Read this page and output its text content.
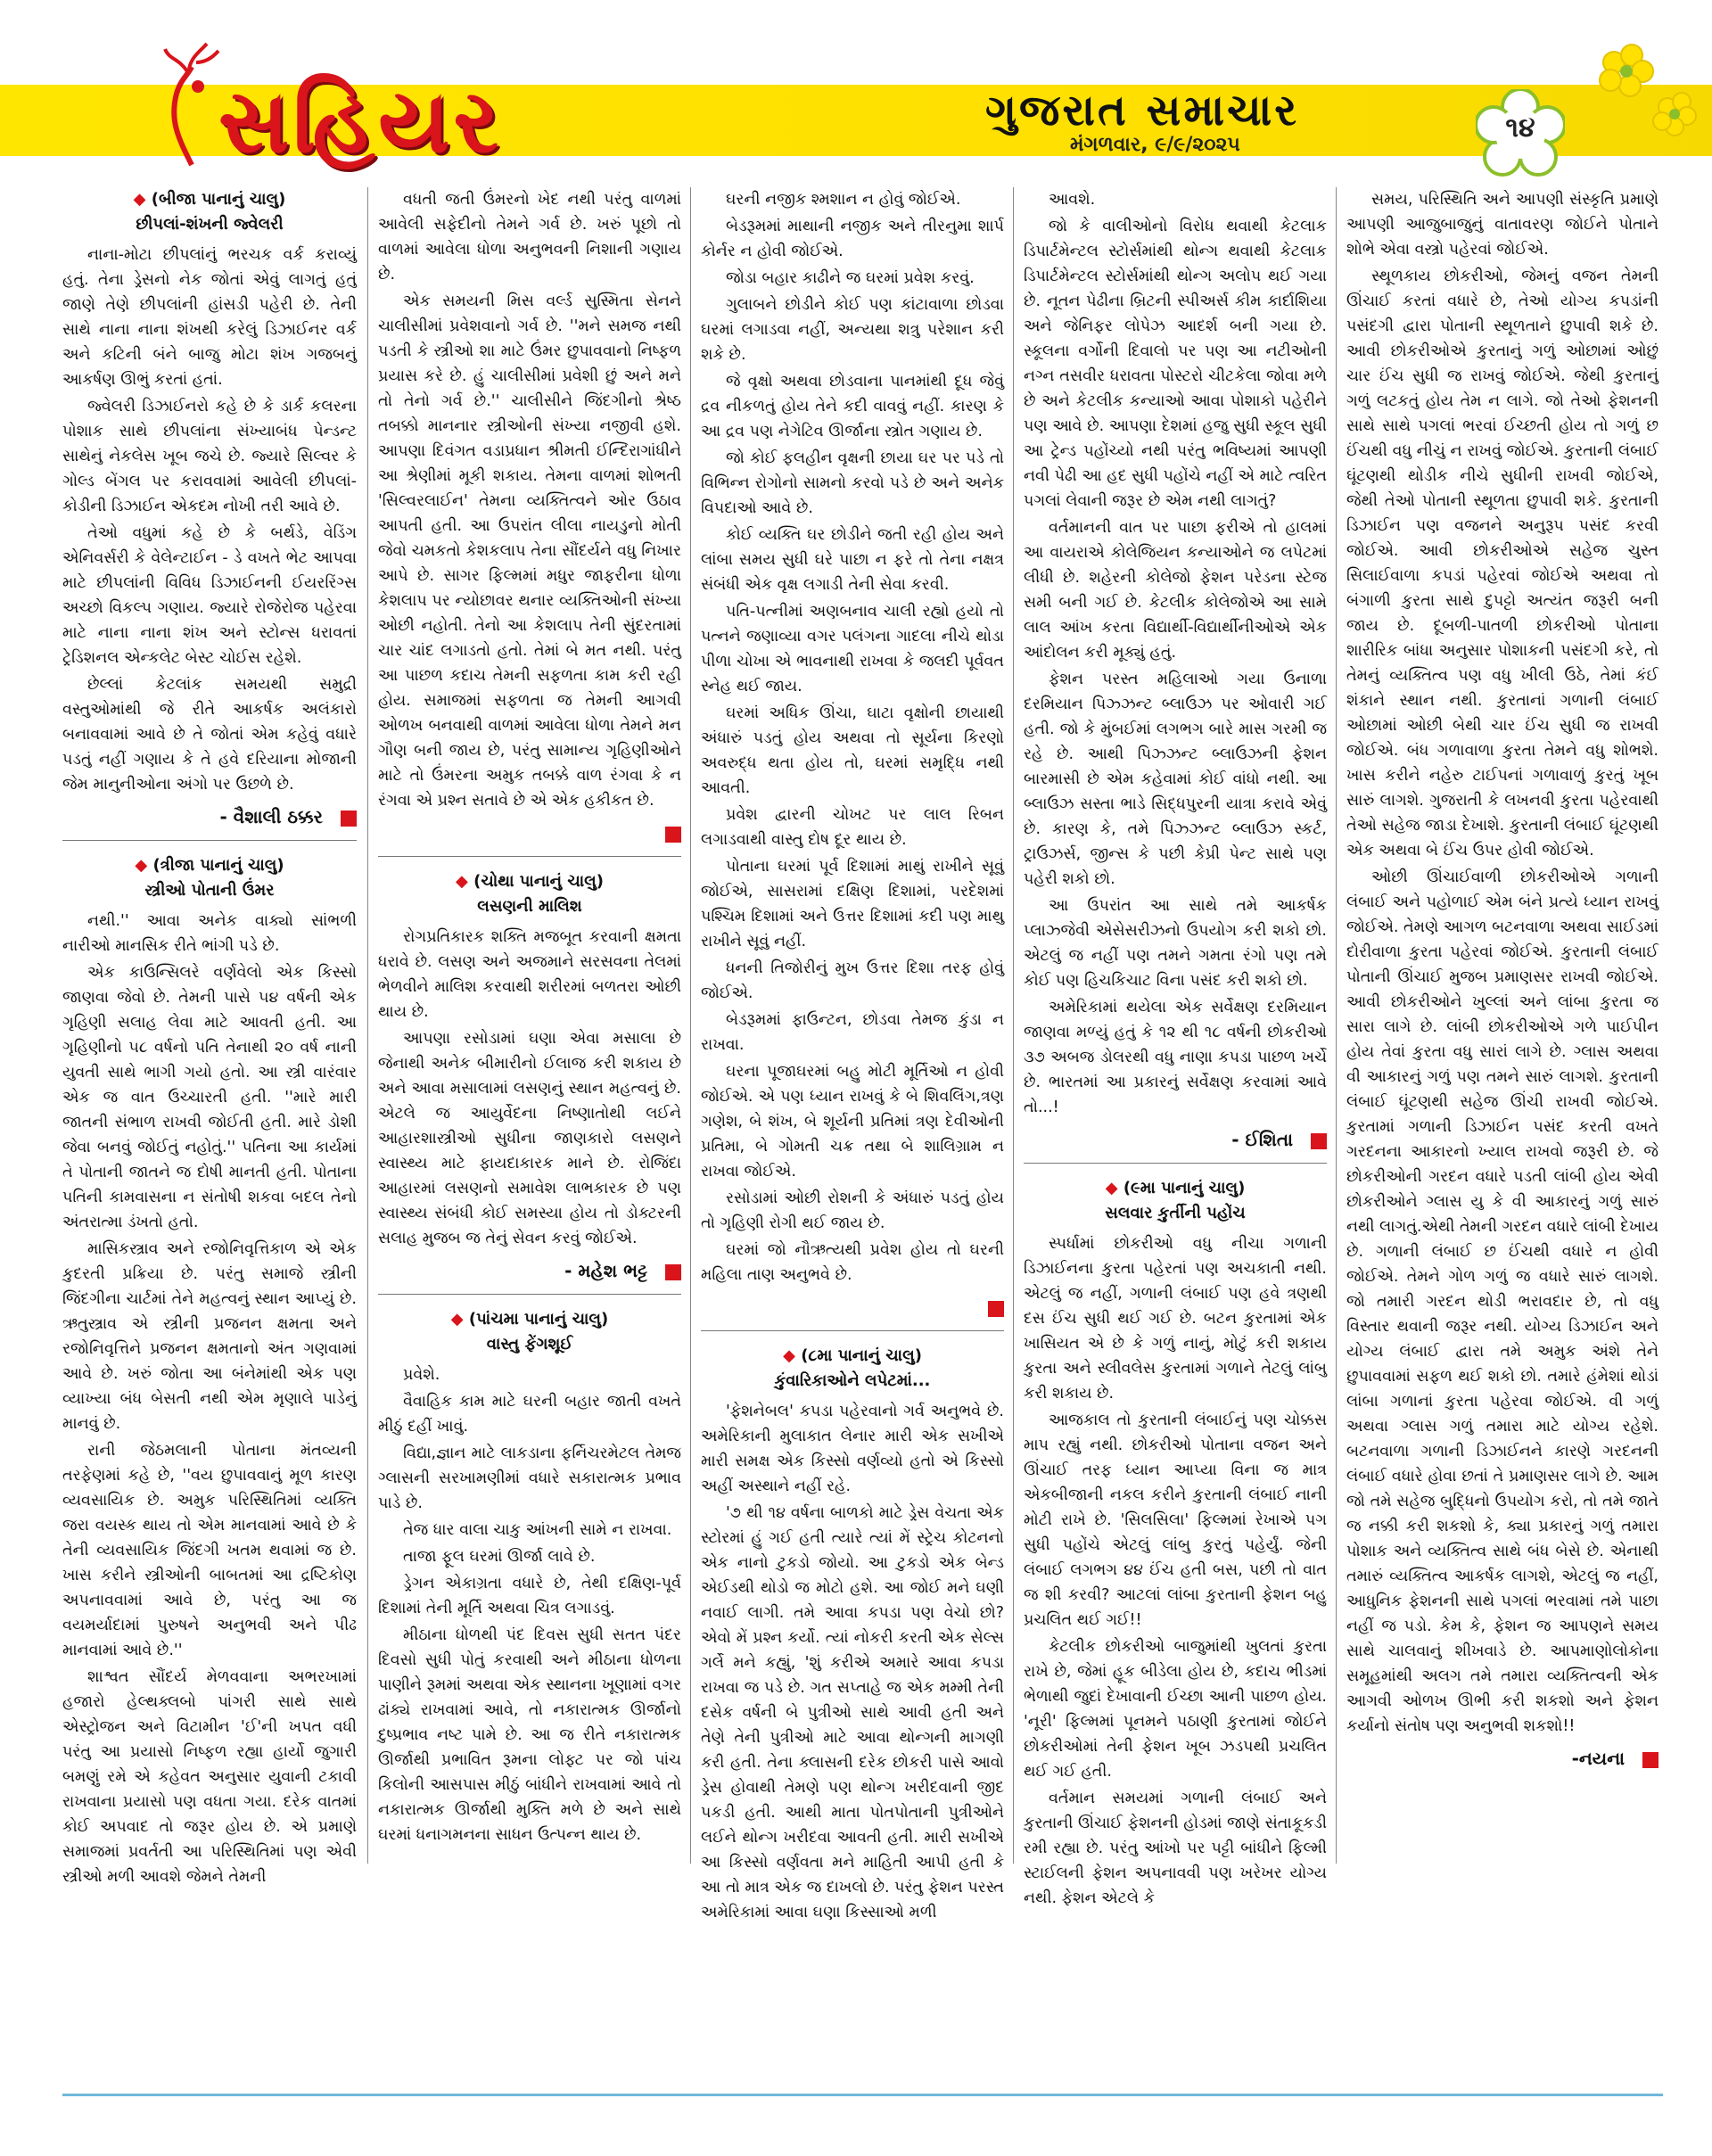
સહિયર	ગુજરાત સમાચાર
મંગળવાર, ૯/૯/૨૦૨૫
૧૪
◆ (બીજા પાનાનું ચાલુ)
છીપલાં-શંખની જ્વેલરી

નાના-મોટા છીપલાંનું ભરચક વર્ક કરાવ્યું હતું. તેના ડ્રેસનો નેક જોતાં એવું લાગતું હતું જાણે તેણે છીપલાંની હાંસડી પહેરી છે. તેની સાથે નાના નાના શંખથી કરેલું ડિઝાઈનર વર્ક અને કટિની બંને બાજુ મોટા શંખ ગજબનું આકર્ષણ ઊભું કરતાં હતાં.

જ્વેલરી ડિઝાઈનરો કહે છે કે ડાર્ક કલરના પોશાક સાથે છીપલાંના સંખ્યાબંધ પેન્ડન્ટ સાથેનું નેકલેસ ખૂબ જચે છે. જ્યારે સિલ્વર કે ગોલ્ડ બેંગલ પર કરાવવામાં આવેલી છીપલાં-કોડીની ડિઝાઈન એકદમ નોખી તરી આવે છે.

તેઓ વધુમાં કહે છે કે બર્થડે, વેડિંગ એનિવર્સરી કે વેલેન્ટાઈન - ડે વખતે ભેટ આપવા માટે છીપલાંની વિવિધ ડિઝાઈનની ઈયરરિંગ્સ અચ્છો વિકલ્પ ગણાય. જ્યારે રોજેરોજ પહેરવા માટે નાના નાના શંખ અને સ્ટોન્સ ધરાવતાં ટ્રેડિશનલ એન્કલેટ બેસ્ટ ચોઈસ રહેશે.

છેલ્લાં કેટલાંક સમયથી સમુદ્રી વસ્તુઓમાંથી જે રીતે આકર્ષક અલંકારો બનાવવામાં આવે છે તે જોતાં એમ કહેવું વધારે પડતું નહીં ગણાય કે તે હવે દરિયાના મોજાની જેમ માનુનીઓના અંગો પર ઉછળે છે.

- વૈશાલી ઠક્કર
◆ (ત્રીજા પાનાનું ચાલુ)
સ્ત્રીઓ પોતાની ઉંમર

નથી.'' આવા અનેક વાક્યો સાંભળી નારીઓ માનસિક રીતે ભાંગી પડે છે.

એક કાઉન્સિલરે વર્ણવેલો એક કિસ્સો જાણવા જેવો છે. તેમની પાસે ૫૪ વર્ષની એક ગૃહિણી સલાહ લેવા માટે આવતી હતી. આ ગૃહિણીનો ૫૮ વર્ષનો પતિ તેનાથી ૨૦ વર્ષ નાની યુવતી સાથે ભાગી ગયો હતો. આ સ્ત્રી વારંવાર એક જ વાત ઉચ્ચારતી હતી. ''મારે મારી જાતની સંભાળ રાખવી જોઈતી હતી. મારે ડોશી જેવા બનવું જોઈતું નહોતું.'' પતિના આ કાર્યમાં તે પોતાની જાતને જ દોષી માનતી હતી. પોતાના પતિની કામવાસના ન સંતોષી શકવા બદલ તેનો અંતરાત્મા ડંખતો હતો.

માસિકસ્ત્રાવ અને રજોનિવૃત્તિકાળ એ એક કુદરતી પ્રક્રિયા છે. પરંતુ સમાજે સ્ત્રીની જિંદગીના ચાર્ટમાં તેને મહત્વનું સ્થાન આપ્યું છે. ઋતુસ્ત્રાવ એ સ્ત્રીની પ્રજનન ક્ષમતા અને રજોનિવૃત્તિને પ્રજનન ક્ષમતાનો અંત ગણવામાં આવે છે. ખરું જોતા આ બંનેમાંથી એક પણ વ્યાખ્યા બંધ બેસતી નથી એમ મૃણાલે પાડેનું માનવું છે.

રાની જેઠમલાની પોતાના મંતવ્યની તરફેણમાં કહે છે, ''વય છુપાવવાનું મૂળ કારણ વ્યવસાયિક છે. અમુક પરિસ્થિતિમાં વ્યક્તિ જરા વયસ્ક થાય તો એમ માનવામાં આવે છે કે તેની વ્યવસાયિક જિંદગી ખતમ થવામાં જ છે. ખાસ કરીને સ્ત્રીઓની બાબતમાં આ દ્રષ્ટિકોણ અપનાવવામાં આવે છે, પરંતુ આ જ વયમર્યાદામાં પુરુષને અનુભવી અને પીઢ માનવામાં આવે છે.''

શાશ્વત સૌંદર્ય મેળવવાના અભરખામાં હજારો હેલ્થક્લબો પાંગરી સાથે સાથે એસ્ટ્રોજન અને વિટામીન 'ઈ'ની ખપત વધી પરંતુ આ પ્રયાસો નિષ્ફળ રહ્યા હાર્યો જુગારી બમણું રમે એ કહેવત અનુસાર યુવાની ટકાવી રાખવાના પ્રયાસો પણ વધતા ગયા. દરેક વાતમાં કોઈ અપવાદ તો જરૂર હોય છે. એ પ્રમાણે સમાજમાં પ્રવર્તતી આ પરિસ્થિતિમાં પણ એવી સ્ત્રીઓ મળી આવશે જેમને તેમની

વધતી જતી ઉંમરનો ખેદ નથી પરંતુ વાળમાં આવેલી સફેદીનો તેમને ગર્વ છે. ખરું પૂછો તો વાળમાં આવેલા ધોળા અનુભવની નિશાની ગણાય છે.

એક સમયની મિસ વર્લ્ડ સુસ્મિતા સેનને ચાલીસીમાં પ્રવેશવાનો ગર્વ છે. ''મને સમજ નથી પડતી કે સ્ત્રીઓ શા માટે ઉંમર છુપાવવાનો નિષ્ફળ પ્રયાસ કરે છે. હું ચાલીસીમાં પ્રવેશી છું અને મને તો તેનો ગર્વ છે.'' ચાલીસીને જિંદગીનો શ્રેષ્ઠ તબક્કો માનનાર સ્ત્રીઓની સંખ્યા નજીવી હશે. આપણા દિવંગત વડાપ્રધાન શ્રીમતી ઈન્દિરાગાંધીને આ શ્રેણીમાં મૂકી શકાય. તેમના વાળમાં શોભતી 'સિલ્વરલાઈન' તેમના વ્યક્તિત્વને ઓર ઉઠાવ આપતી હતી. આ ઉપરાંત લીલા નાયડુનો મોતી જેવો ચમકતો કેશકલાપ તેના સૌંદર્યને વધુ નિખાર આપે છે. સાગર ફિલ્મમાં મધુર જાફરીના ધોળા કેશલાપ પર ન્યોછાવર થનાર વ્યક્તિઓની સંખ્યા ઓછી નહોતી. તેનો આ કેશલાપ તેની સુંદરતામાં ચાર ચાંદ લગાડતો હતો. તેમાં બે મત નથી. પરંતુ આ પાછળ કદાચ તેમની સફળતા કામ કરી રહી હોય. સમાજમાં સફળતા જ તેમની આગવી ઓળખ બનવાથી વાળમાં આવેલા ધોળા તેમને મન ગૌણ બની જાય છે, પરંતુ સામાન્ય ગૃહિણીઓને માટે તો ઉંમરના અમુક તબક્કે વાળ રંગવા કે ન રંગવા એ પ્રશ્ન સતાવે છે એ એક હકીકત છે.

◆ (ચોથા પાનાનું ચાલુ)
લસણની માલિશ

રોગપ્રતિકારક શક્તિ મજબૂત કરવાની ક્ષમતા ધરાવે છે. લસણ અને અજમાને સરસવના તેલમાં ભેળવીને માલિશ કરવાથી શરીરમાં બળતરા ઓછી થાય છે.

આપણા રસોડામાં ઘણા એવા મસાલા છે જેનાથી અનેક બીમારીનો ઈલાજ કરી શકાય છે અને આવા મસાલામાં લસણનું સ્થાન મહત્વનું છે. એટલે જ આયુર્વેદના નિષ્ણાતોથી લઈને આહારશાસ્ત્રીઓ સુધીના જાણકારો લસણને સ્વાસ્થ્ય માટે ફાયદાકારક માને છે. રોજિંદા આહારમાં લસણનો સમાવેશ લાભકારક છે પણ સ્વાસ્થ્ય સંબંધી કોઈ સમસ્યા હોય તો ડોક્ટરની સલાહ મુજબ જ તેનું સેવન કરવું જોઈએ.

- મહેશ ભટ્ટ
◆ (પાંચમા પાનાનું ચાલુ)
વાસ્તુ ફેંગશૂઈ

પ્રવેશે.

વૈવાહિક કામ માટે ઘરની બહાર જાતી વખતે મીઠું દહીં ખાવું.

વિદ્યા,જ્ઞાન માટે લાકડાના ફર્નિચરમેટલ તેમજ ગ્લાસની સરખામણીમાં વધારે સકારાત્મક પ્રભાવ પાડે છે.

તેજ ધાર વાલા ચાકુ આંખની સામે ન રાખવા.

તાજા ફૂલ ઘરમાં ઊર્જા લાવે છે.

ડ્રેગન એકાગ્રતા વધારે છે, તેથી દક્ષિણ-પૂર્વ દિશામાં તેની મૂર્તિ અથવા ચિત્ર લગાડવું.

મીઠાના ધોળથી પંદ દિવસ સુધી સતત પંદર દિવસો સુધી પોતું કરવાથી અને મીઠાના ધોળના પાણીને રૂમમાં અથવા એક સ્થાનના ખૂણામાં વગર ઢાંક્યે રાખવામાં આવે, તો નકારાત્મક ઊર્જાનો દુષ્પ્રભાવ નષ્ટ પામે છે. આ જ રીતે નકારાત્મક ઊર્જાથી પ્રભાવિત રૂમના લોફ્ટ પર જો પાંચ કિલોની આસપાસ મીઠું બાંધીને રાખવામાં આવે તો નકારાત્મક ઊર્જાથી મુક્તિ મળે છે અને સાથે ઘરમાં ધનાગમનના સાધન ઉત્પન્ન થાય છે.

ઘરની નજીક શ્મશાન ન હોવું જોઈએ.

બેડરૂમમાં માથાની નજીક અને તીરનુમા શાર્પ કોર્નર ન હોવી જોઈએ.

જોડા બહાર કાઢીને જ ઘરમાં પ્રવેશ કરવું.

ગુલાબને છોડીને કોઈ પણ કાંટાવાળા છોડવા ઘરમાં લગાડવા નહીં, અન્યથા શત્રુ પરેશાન કરી શકે છે.

જે વૃક્ષો અથવા છોડવાના પાનમાંથી દૂધ જેવું દ્રવ નીકળતું હોય તેને કદી વાવવું નહીં. કારણ કે આ દ્રવ પણ નેગેટિવ ઊર્જાના સ્ત્રોત ગણાય છે.

જો કોઈ ફલહીન વૃક્ષની છાયા ઘર પર પડે તો વિભિન્ન રોગોનો સામનો કરવો પડે છે અને અનેક વિપદાઓ આવે છે.

કોઈ વ્યક્તિ ઘર છોડીને જતી રહી હોય અને લાંબા સમય સુધી ઘરે પાછા ન ફરે તો તેના નક્ષત્ર સંબંધી એક વૃક્ષ લગાડી તેની સેવા કરવી.

પતિ-પત્નીમાં અણબનાવ ચાલી રહ્યો હયો તો પત્નને જણાવ્યા વગર પલંગના ગાદલા નીચે થોડા પીળા ચોખા એ ભાવનાથી રાખવા કે જલદી પૂર્વવત સ્નેહ થઈ જાય.

ઘરમાં અધિક ઊંચા, ઘાટા વૃક્ષોની છાયાથી અંધારું પડતું હોય અથવા તો સૂર્યના કિરણો અવરુદ્ધ થતા હોય તો, ઘરમાં સમૃદ્ધિ નથી આવતી.

પ્રવેશ દ્વારની ચોખટ પર લાલ રિબન લગાડવાથી વાસ્તુ દોષ દૂર થાય છે.

પોતાના ઘરમાં પૂર્વ દિશામાં માથું રાખીને સૂવું જોઈએ, સાસરામાં દક્ષિણ દિશામાં, પરદેશમાં પશ્ચિમ દિશામાં અને ઉત્તર દિશામાં કદી પણ માથુ રાખીને સૂવું નહીં.

ધનની તિજોરીનું મુખ ઉત્તર દિશા તરફ હોવું જોઈએ.

બેડરૂમમાં ફાઉન્ટન, છોડવા તેમજ કુંડા ન રાખવા.

ઘરના પૂજાઘરમાં બહુ મોટી મૂર્તિઓ ન હોવી જોઈએ. એ પણ ધ્યાન રાખવું કે બે શિવલિંગ,ત્રણ ગણેશ, બે શંખ, બે શૂર્યની પ્રતિમાં ત્રણ દેવીઓની પ્રતિમા, બે ગોમતી ચક્ર તથા બે શાલિગ્રામ ન રાખવા જોઈએ.

રસોડામાં ઓછી રોશની કે અંધારું પડતું હોય તો ગૃહિણી રોગી થઈ જાય છે.

ઘરમાં જો નૌઋત્યથી પ્રવેશ હોય તો ઘરની મહિલા તાણ અનુભવે છે.

◆ (૮મા પાનાનું ચાલુ)
કુંવારિકાઓને લપેટમાં...

'ફેશનેબલ' કપડા પહેરવાનો ગર્વ અનુભવે છે. અમેરિકાની મુલાકાત લેનાર મારી એક સખીએ મારી સમક્ષ એક કિસ્સો વર્ણવ્યો હતો એ કિસ્સો અહીં અસ્થાને નહીં રહે.

'૭ થી ૧૪ વર્ષના બાળકો માટે ડ્રેસ વેચતા એક સ્ટોરમાં હું ગઈ હતી ત્યારે ત્યાં મેં સ્ટ્રેચ કોટનનો એક નાનો ટુકડો જોયો. આ ટુકડો એક બેન્ડ એઈડથી થોડો જ મોટો હશે. આ જોઈ મને ઘણી નવાઈ લાગી. તમે આવા કપડા પણ વેચો છો? એવો મેં પ્રશ્ન કર્યો. ત્યાં નોકરી કરતી એક સેલ્સ ગર્લે મને કહ્યું, 'શું કરીએ અમારે આવા કપડા રાખવા જ પડે છે. ગત સપ્તાહે જ એક મમ્મી તેની દસેક વર્ષની બે પુત્રીઓ સાથે આવી હતી અને તેણે તેની પુત્રીઓ માટે આવા થોન્ગની માગણી કરી હતી. તેના ક્લાસની દરેક છોકરી પાસે આવો ડ્રેસ હોવાથી તેમણે પણ થોન્ગ ખરીદવાની જીદ પકડી હતી. આથી માતા પોતપોતાની પુત્રીઓને લઈને થોન્ગ ખરીદવા આવતી હતી. મારી સખીએ આ કિસ્સો વર્ણવતા મને માહિતી આપી હતી કે આ તો માત્ર એક જ દાખલો છે. પરંતુ ફેશન પરસ્ત અમેરિકામાં આવા ઘણા કિસ્સાઓ મળી

આવશે.

જો કે વાલીઓનો વિરોધ થવાથી કેટલાક ડિપાર્ટમેન્ટલ સ્ટોર્સમાંથી થોન્ગ થવાથી કેટલાક ડિપાર્ટમેન્ટલ સ્ટોર્સમાંથી થોન્ગ અલોપ થઈ ગયા છે. નૂતન પેઢીના બ્રિટની સ્પીઅર્સ કીમ કાર્દાશિયા અને જેનિફર લોપેઝ આદર્શ બની ગયા છે. સ્કૂલના વર્ગોની દિવાલો પર પણ આ નટીઓની નગ્ન તસવીર ધરાવતા પોસ્ટરો ચીટકેલા જોવા મળે છે અને કેટલીક કન્યાઓ આવા પોશાકો પહેરીને પણ આવે છે. આપણા દેશમાં હજુ સુધી સ્કૂલ સુધી આ ટ્રેન્ડ પહોંચ્યો નથી પરંતુ ભવિષ્યમાં આપણી નવી પેઢી આ હદ સુધી પહોંચે નહીં એ માટે ત્વરિત પગલાં લેવાની જરૂર છે એમ નથી લાગતું?

વર્તમાનની વાત પર પાછા ફરીએ તો હાલમાં આ વાયરાએ કોલેજિયન કન્યાઓને જ લપેટમાં લીધી છે. શહેરની કોલેજો ફેશન પરેડના સ્ટેજ સમી બની ગઈ છે. કેટલીક કોલેજોએ આ સામે લાલ આંખ કરતા વિદ્યાર્થી-વિદ્યાર્થીનીઓએ એક આંદોલન કરી મૂક્યું હતું.

ફેશન પરસ્ત મહિલાઓ ગયા ઉનાળા દરમિયાન પિઝ્ઝન્ટ બ્લાઉઝ પર ઓવારી ગઈ હતી. જો કે મુંબઈમાં લગભગ બારે માસ ગરમી જ રહે છે. આથી પિઝ્ઝન્ટ બ્લાઉઝની ફેશન બારમાસી છે એમ કહેવામાં કોઈ વાંધો નથી. આ બ્લાઉઝ સસ્તા ભાડે સિદ્ધપુરની યાત્રા કરાવે એવું છે. કારણ કે, તમે પિઝ્ઝન્ટ બ્લાઉઝ સ્કર્ટ, ટ્રાઉઝર્સ, જીન્સ કે પછી કેપ્રી પેન્ટ સાથે પણ પહેરી શકો છો.

આ ઉપરાંત આ સાથે તમે આકર્ષક પ્લાઝ્જેવી એસેસરીઝનો ઉપયોગ કરી શકો છો. એટલું જ નહીં પણ તમને ગમતા રંગો પણ તમે કોઈ પણ હિચકિચાટ વિના પસંદ કરી શકો છો.

અમેરિકામાં થયેલા એક સર્વેક્ષણ દરમિયાન જાણવા મળ્યું હતું કે ૧૨ થી ૧૮ વર્ષની છોકરીઓ ૩૭ અબજ ડોલરથી વધુ નાણા કપડા પાછળ ખર્ચે છે. ભારતમાં આ પ્રકારનું સર્વેક્ષણ કરવામાં આવે તો...!

- ઈશિતા
◆ (૯મા પાનાનું ચાલુ)
સલવાર કુર્તીની પહોંચ

સ્પર્ધામાં છોકરીઓ વધુ નીચા ગળાની ડિઝાઈનના કુરતા પહેરતાં પણ અચકાતી નથી. એટલું જ નહીં, ગળાની લંબાઈ પણ હવે ત્રણથી દસ ઈંચ સુધી થઈ ગઈ છે. બટન કુરતામાં એક ખાસિયત એ છે કે ગળું નાનું, મોટું કરી શકાય કુરતા અને સ્લીવલેસ કુરતામાં ગળાને તેટલું લાંબુ કરી શકાય છે.

આજકાલ તો કુરતાની લંબાઈનું પણ ચોક્કસ માપ રહ્યું નથી. છોકરીઓ પોતાના વજન અને ઊંચાઈ તરફ ધ્યાન આપ્યા વિના જ માત્ર એકબીજાની નકલ કરીને કુરતાની લંબાઈ નાની મોટી રાખે છે. 'સિલસિલા' ફિલ્મમાં રેખાએ પગ સુધી પહોંચે એટલું લાંબુ કુરતું પહેર્યું. જેની લંબાઈ લગભગ ૪૪ ઈંચ હતી બસ, પછી તો વાત જ શી કરવી? આટલાં લાંબા કુરતાની ફેશન બહુ પ્રચલિત થઈ ગઈ!!

કેટલીક છોકરીઓ બાજુમાંથી ખુલતાં કુરતા રાખે છે, જેમાં હૂક બીડેલા હોય છે, કદાચ ભીડમાં ભેળાથી જુદાં દેખાવાની ઈચ્છા આની પાછળ હોય. 'નૂરી' ફિલ્મમાં પૂનમને પઠાણી કુરતામાં જોઈને છોકરીઓમાં તેની ફેશન ખૂબ ઝડપથી પ્રચલિત થઈ ગઈ હતી.

વર્તમાન સમયમાં ગળાની લંબાઈ અને કુરતાની ઊંચાઈ ફેશનની હોડમાં જાણે સંતાકૂકડી રમી રહ્યા છે. પરંતુ આંખો પર પટ્ટી બાંધીને ફિલ્મી સ્ટાઈલની ફેશન અપનાવવી પણ ખરેખર યોગ્ય નથી. ફેશન એટલે કે

સમય, પરિસ્થિતિ અને આપણી સંસ્કૃતિ પ્રમાણે આપણી આજુબાજુનું વાતાવરણ જોઈને પોતાને શોભે એવા વસ્ત્રો પહેરવાં જોઈએ.

સ્થૂળકાય છોકરીઓ, જેમનું વજન તેમની ઊંચાઈ કરતાં વધારે છે, તેઓ યોગ્ય કપડાંની પસંદગી દ્વારા પોતાની સ્થૂળતાને છુપાવી શકે છે. આવી છોકરીઓએ કુરતાનું ગળું ઓછામાં ઓછું ચાર ઈંચ સુધી જ રાખવું જોઈએ. જેથી કુરતાનું ગળું લટકતું હોય તેમ ન લાગે. જો તેઓ ફેશનની સાથે સાથે પગલાં ભરવાં ઈચ્છતી હોય તો ગળું છ ઈંચથી વધુ નીચું ન રાખવું જોઈએ. કુરતાની લંબાઈ ઘૂંટણથી થોડીક નીચે સુધીની રાખવી જોઈએ, જેથી તેઓ પોતાની સ્થૂળતા છુપાવી શકે. કુરતાની ડિઝાઈન પણ વજનને અનુરૂપ પસંદ કરવી જોઈએ. આવી છોકરીઓએ સહેજ ચુસ્ત સિલાઈવાળા કપડાં પહેરવાં જોઈએ અથવા તો બંગાળી કુરતા સાથે દુપટ્ટો અત્યંત જરૂરી બની જાય છે. દૂબળી-પાતળી છોકરીઓ પોતાના શારીરિક બાંધા અનુસાર પોશાકની પસંદગી કરે, તો તેમનું વ્યક્તિત્વ પણ વધુ ખીલી ઉઠે, તેમાં કંઈ શંકાને સ્થાન નથી. કુરતાનાં ગળાની લંબાઈ ઓછામાં ઓછી બેથી ચાર ઈંચ સુધી જ રાખવી જોઈએ. બંધ ગળાવાળા કુરતા તેમને વધુ શોભશે. ખાસ કરીને નહેરુ ટાઈપનાં ગળાવાળું કુરતું ખૂબ સારું લાગશે. ગુજરાતી કે લખનવી કુરતા પહેરવાથી તેઓ સહેજ જાડા દેખાશે. કુરતાની લંબાઈ ઘૂંટણથી એક અથવા બે ઈંચ ઉપર હોવી જોઈએ.

ઓછી ઊંચાઈવાળી છોકરીઓએ ગળાની લંબાઈ અને પહોળાઈ એમ બંને પ્રત્યે ધ્યાન રાખવું જોઈએ. તેમણે આગળ બટનવાળા અથવા સાઈડમાં દોરીવાળા કુરતા પહેરવાં જોઈએ. કુરતાની લંબાઈ પોતાની ઊંચાઈ મુજબ પ્રમાણસર રાખવી જોઈએ. આવી છોકરીઓને ખુલ્લાં અને લાંબા કુરતા જ સારા લાગે છે. લાંબી છોકરીઓએ ગળે પાઈપીન હોય તેવાં કુરતા વધુ સારાં લાગે છે. ગ્લાસ અથવા વી આકારનું ગળું પણ તમને સારું લાગશે. કુરતાની લંબાઈ ઘૂંટણથી સહેજ ઊંચી રાખવી જોઈએ. કુરતામાં ગળાની ડિઝાઈન પસંદ કરતી વખતે ગરદનના આકારનો ખ્યાલ રાખવો જરૂરી છે. જે છોકરીઓની ગરદન વધારે પડતી લાંબી હોય એવી છોકરીઓને ગ્લાસ યુ કે વી આકારનું ગળું સારું નથી લાગતું.એથી તેમની ગરદન વધારે લાંબી દેખાય છે. ગળાની લંબાઈ છ ઈંચથી વધારે ન હોવી જોઈએ. તેમને ગોળ ગળું જ વધારે સારું લાગશે. જો તમારી ગરદન થોડી ભરાવદાર છે, તો વધુ વિસ્તાર થવાની જરૂર નથી. યોગ્ય ડિઝાઈન અને યોગ્ય લંબાઈ દ્વારા તમે અમુક અંશે તેને છુપાવવામાં સફળ થઈ શકો છો. તમારે હંમેશાં થોડાં લાંબા ગળાનાં કુરતા પહેરવા જોઈએ. વી ગળું અથવા ગ્લાસ ગળું તમારા માટે યોગ્ય રહેશે. બટનવાળા ગળાની ડિઝાઈનને કારણે ગરદનની લંબાઈ વધારે હોવા છતાં તે પ્રમાણસર લાગે છે. આમ જો તમે સહેજ બુદ્ધિનો ઉપયોગ કરો, તો તમે જાતે જ નક્કી કરી શકશો કે, ક્યા પ્રકારનું ગળું તમારા પોશાક અને વ્યક્તિત્વ સાથે બંધ બેસે છે. એનાથી તમારું વ્યક્તિત્વ આકર્ષક લાગશે, એટલું જ નહીં, આધુનિક ફેશનની સાથે પગલાં ભરવામાં તમે પાછા નહીં જ પડો. કેમ કે, ફેશન જ આપણને સમય સાથે ચાલવાનું શીખવાડે છે. આપમાણોલોકોના સમૂહમાંથી અલગ તમે તમારા વ્યક્તિત્વની એક આગવી ઓળખ ઊભી કરી શકશો અને ફેશન કર્યાનો સંતોષ પણ અનુભવી શકશો!!

-નયના
